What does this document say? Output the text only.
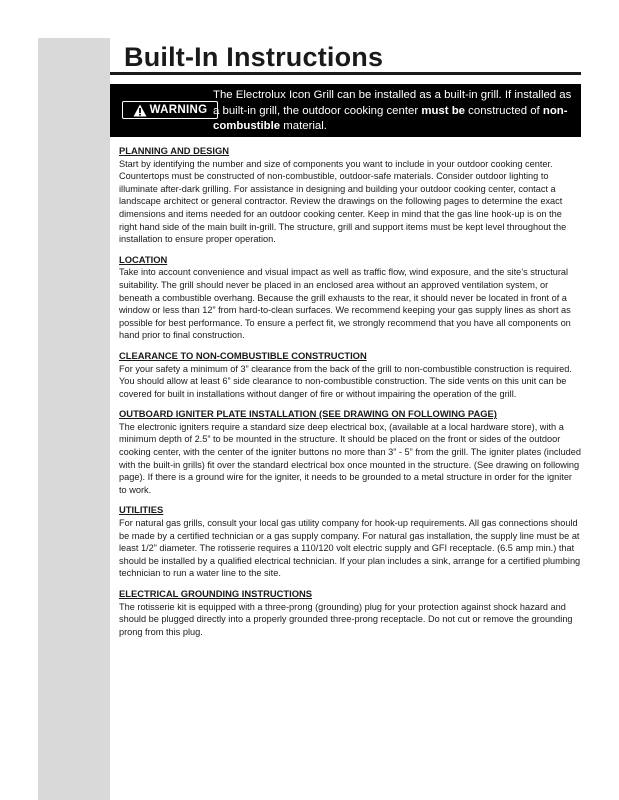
Built-In Instructions
WARNING
The Electrolux Icon Grill can be installed as a built-in grill. If installed as a built-in grill, the outdoor cooking center must be constructed of non-combustible material.
PLANNING AND DESIGN

Start by identifying the number and size of components you want to include in your outdoor cooking center. Countertops must be constructed of non-combustible, outdoor-safe materials. Consider outdoor lighting to illuminate after-dark grilling. For assistance in designing and building your outdoor cooking center, contact a landscape architect or general contractor. Review the drawings on the following pages to determine the exact dimensions and items needed for an outdoor cooking center. Keep in mind that the gas line hook-up is on the right hand side of the main built in-grill. The structure, grill and support items must be kept level throughout the installation to ensure proper operation.

LOCATION

Take into account convenience and visual impact as well as traffic flow, wind exposure, and the site’s structural suitability. The grill should never be placed in an enclosed area without an approved ventilation system, or beneath a combustible overhang. Because the grill exhausts to the rear, it should never be located in front of a window or less than 12” from hard-to-clean surfaces. We recommend keeping your gas supply lines as short as possible for best performance. To ensure a perfect fit, we strongly recommend that you have all components on hand prior to final construction.

CLEARANCE TO NON-COMBUSTIBLE CONSTRUCTION

For your safety a minimum of 3” clearance from the back of the grill to non-combustible construction is required. You should allow at least 6” side clearance to non-combustible construction. The side vents on this unit can be covered for built in installations without danger of fire or without impairing the operation of the grill.

OUTBOARD IGNITER PLATE INSTALLATION (SEE DRAWING ON FOLLOWING PAGE)

The electronic igniters require a standard size deep electrical box, (available at a local hardware store), with a minimum depth of 2.5” to be mounted in the structure. It should be placed on the front or sides of the outdoor cooking center, with the center of the igniter buttons no more than 3” - 5” from the grill. The igniter plates (included with the built-in grills) fit over the standard electrical box once mounted in the structure. (See drawing on following page). If there is a ground wire for the igniter, it needs to be grounded to a metal structure in order for the igniter to work.

UTILITIES

For natural gas grills, consult your local gas utility company for hook-up requirements. All gas connections should be made by a certified technician or a gas supply company. For natural gas installation, the supply line must be at least 1/2” diameter. The rotisserie requires a 110/120 volt electric supply and GFI receptacle. (6.5 amp min.) that should be installed by a qualified electrical technician. If your plan includes a sink, arrange for a certified plumbing technician to run a water line to the site.

ELECTRICAL GROUNDING INSTRUCTIONS

The rotisserie kit is equipped with a three-prong (grounding) plug for your protection against shock hazard and should be plugged directly into a properly grounded three-prong receptacle. Do not cut or remove the grounding prong from this plug.
